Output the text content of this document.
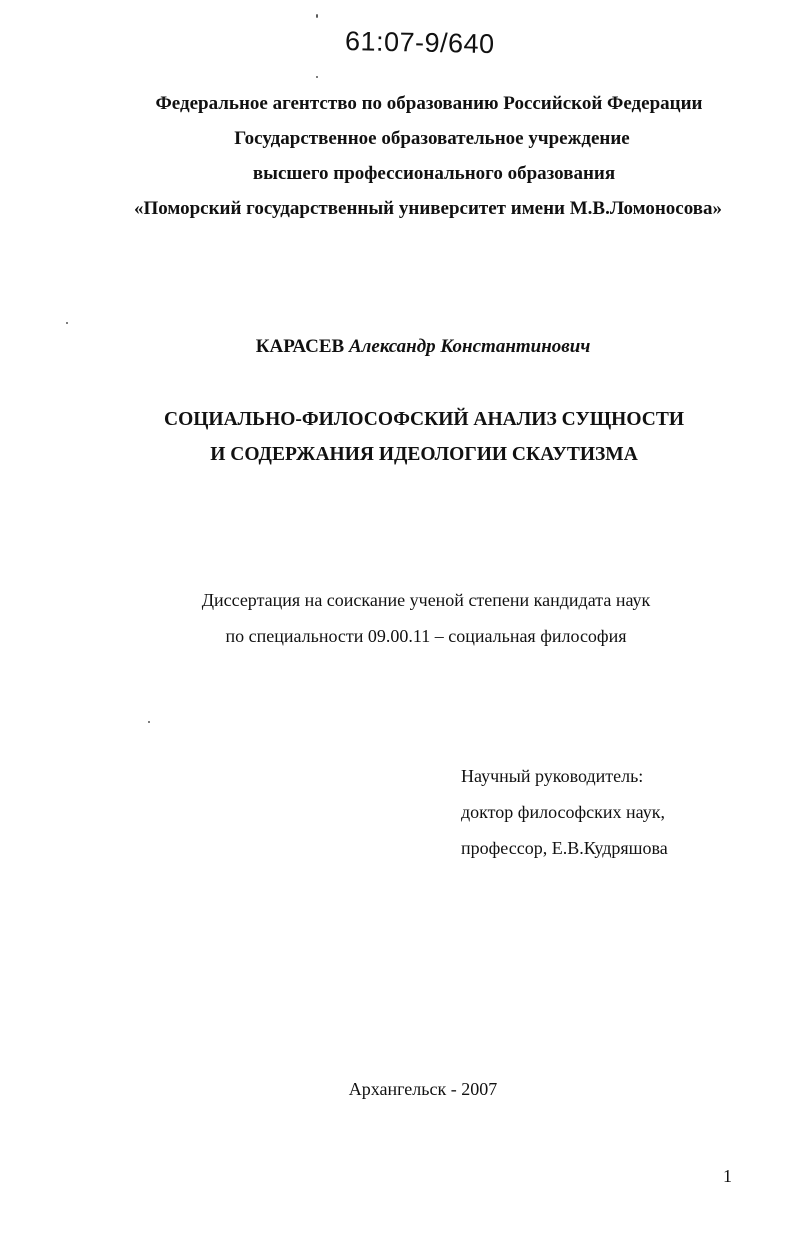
61:07-9/640
Федеральное агентство по образованию Российской Федерации
Государственное образовательное учреждение
высшего профессионального образования
«Поморский государственный университет имени М.В.Ломоносова»
КАРАСЕВ Александр Константинович
СОЦИАЛЬНО-ФИЛОСОФСКИЙ АНАЛИЗ СУЩНОСТИ
И СОДЕРЖАНИЯ ИДЕОЛОГИИ СКАУТИЗМА
Диссертация на соискание ученой степени кандидата наук
по специальности 09.00.11 – социальная философия
Научный руководитель:
доктор философских наук,
профессор, Е.В.Кудряшова
Архангельск - 2007
1
